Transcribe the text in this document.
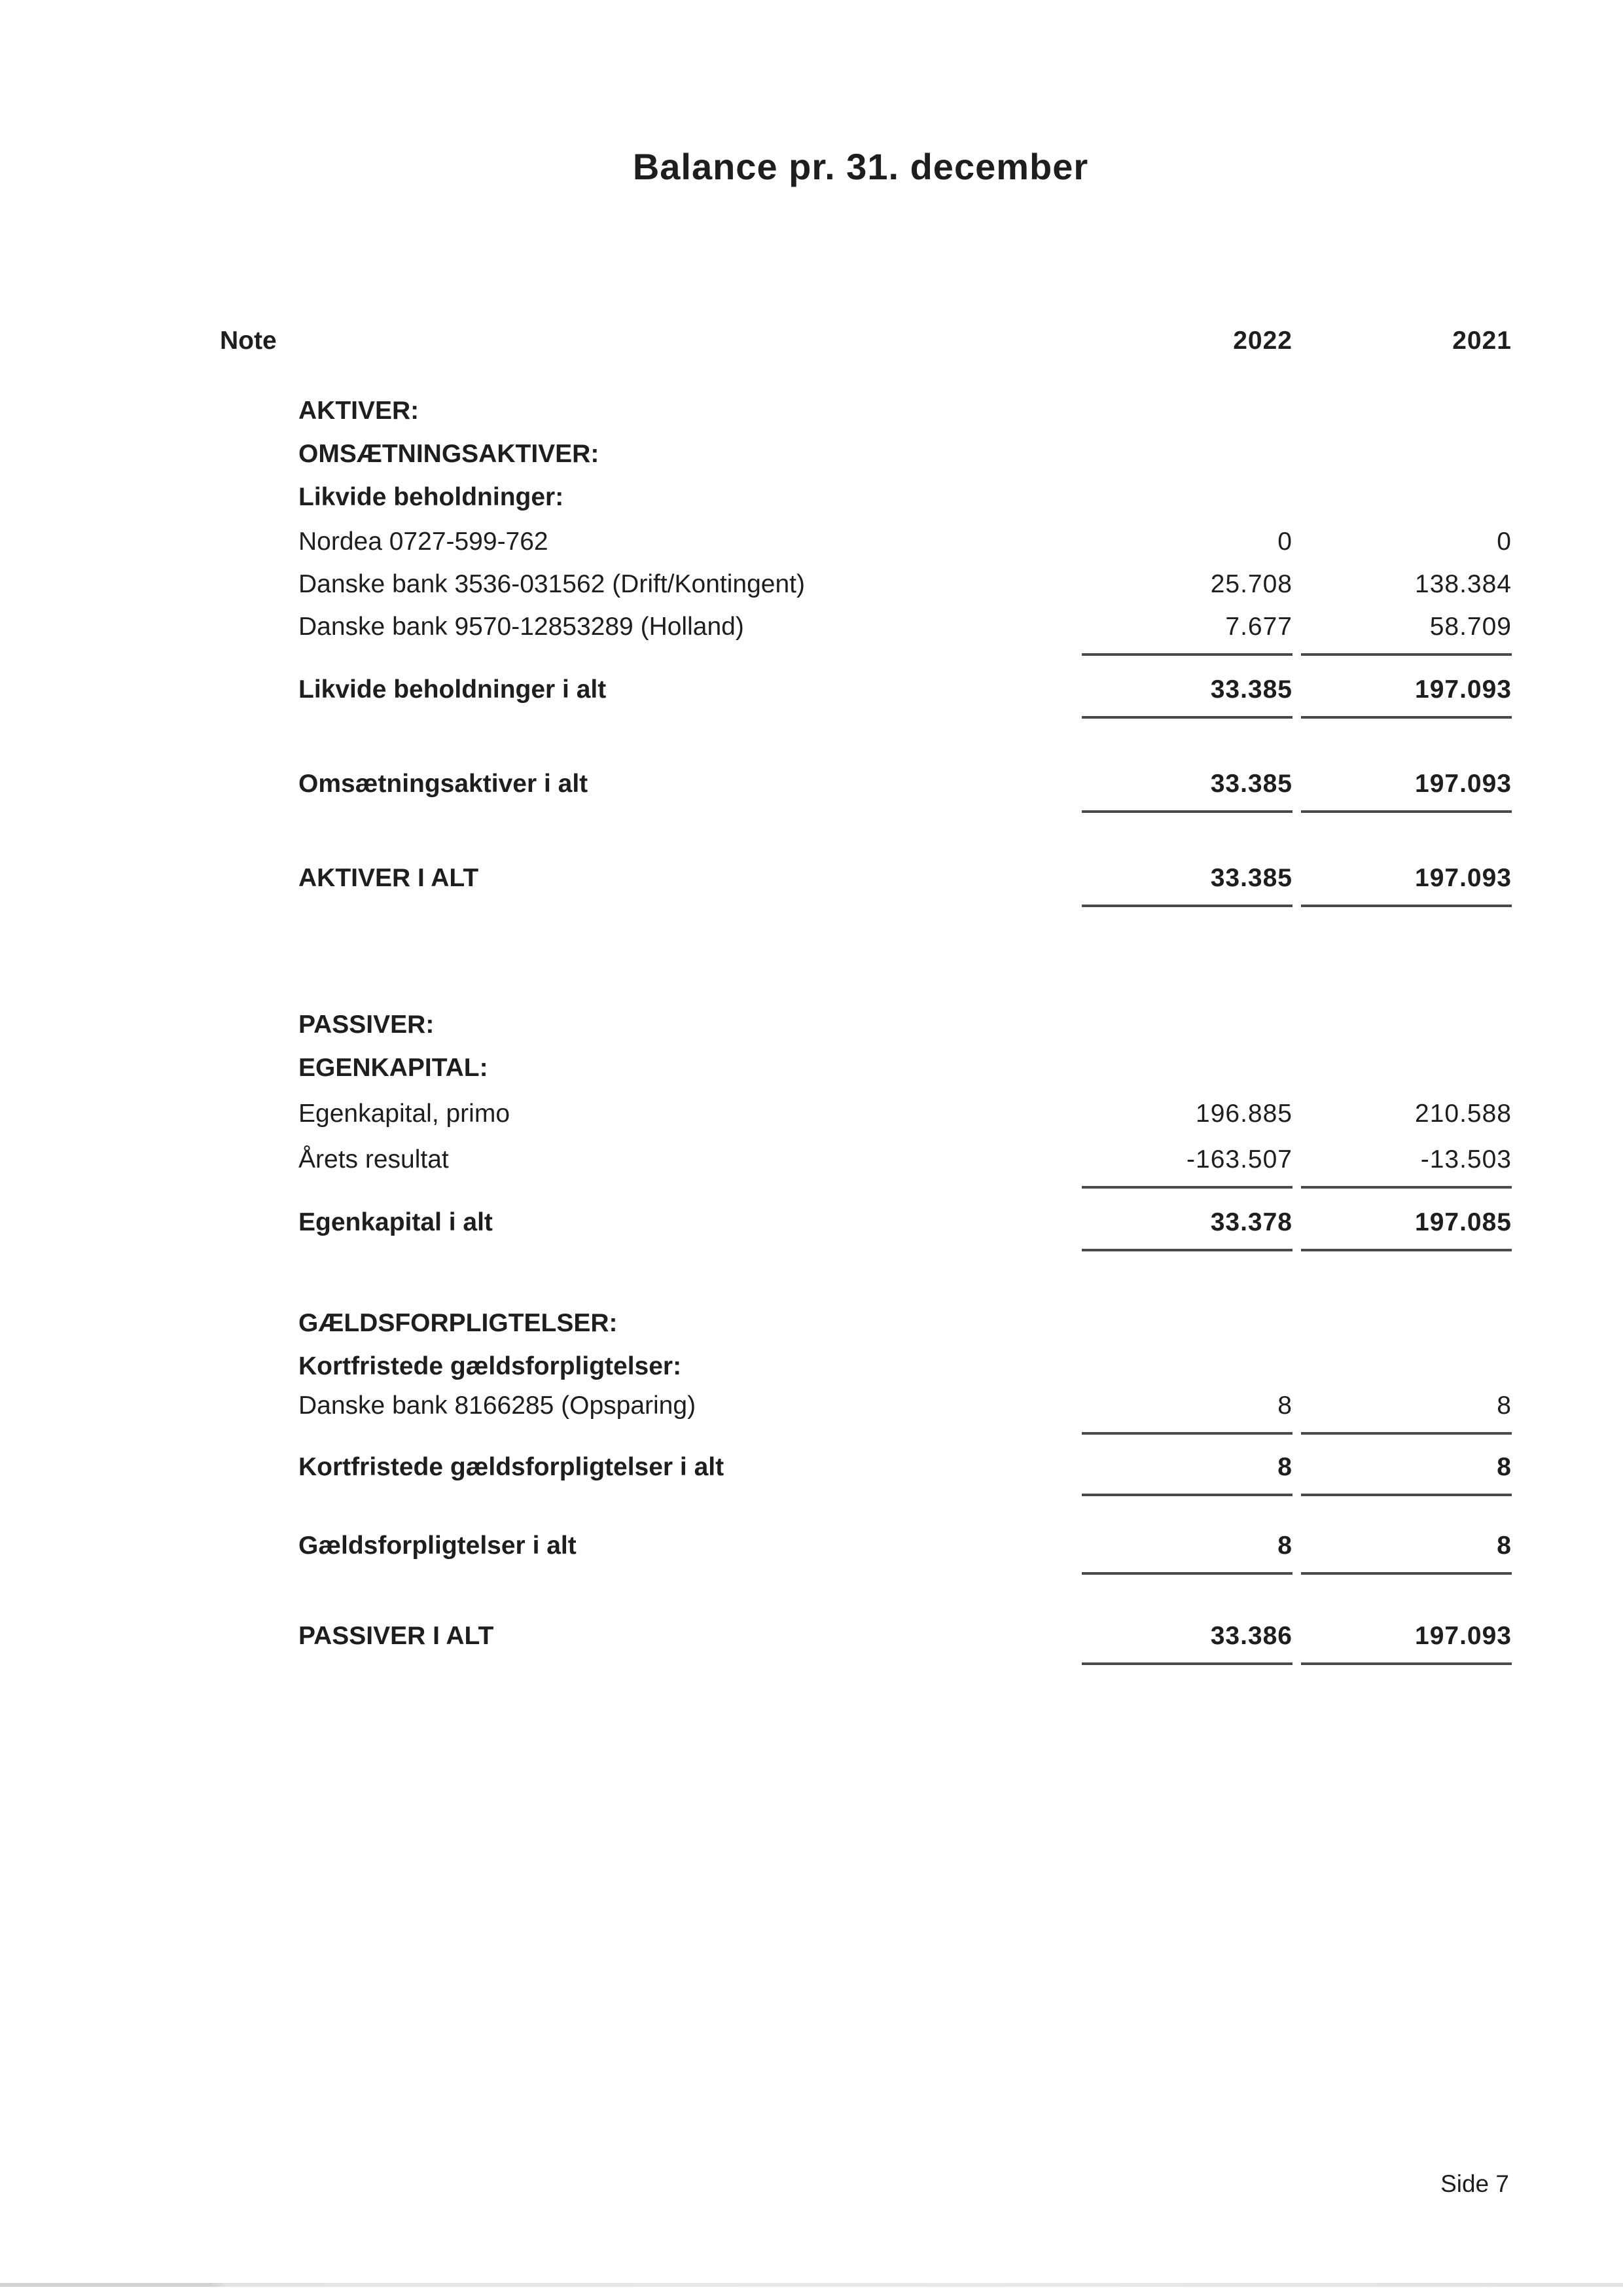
Balance pr. 31. december
Note	2022	2021
AKTIVER:
OMSÆTNINGSAKTIVER:
Likvide beholdninger:
Nordea 0727-599-762	0	0
Danske bank 3536-031562 (Drift/Kontingent)	25.708	138.384
Danske bank 9570-12853289 (Holland)	7.677	58.709
Likvide beholdninger i alt	33.385	197.093
Omsætningsaktiver i alt	33.385	197.093
AKTIVER I ALT	33.385	197.093
PASSIVER:
EGENKAPITAL:
Egenkapital, primo	196.885	210.588
Årets resultat	-163.507	-13.503
Egenkapital i alt	33.378	197.085
GÆLDSFORPLIGTELSER:
Kortfristede gældsforpligtelser:
Danske bank 8166285 (Opsparing)	8	8
Kortfristede gældsforpligtelser i alt	8	8
Gældsforpligtelser i alt	8	8
PASSIVER I ALT	33.386	197.093
Side 7
